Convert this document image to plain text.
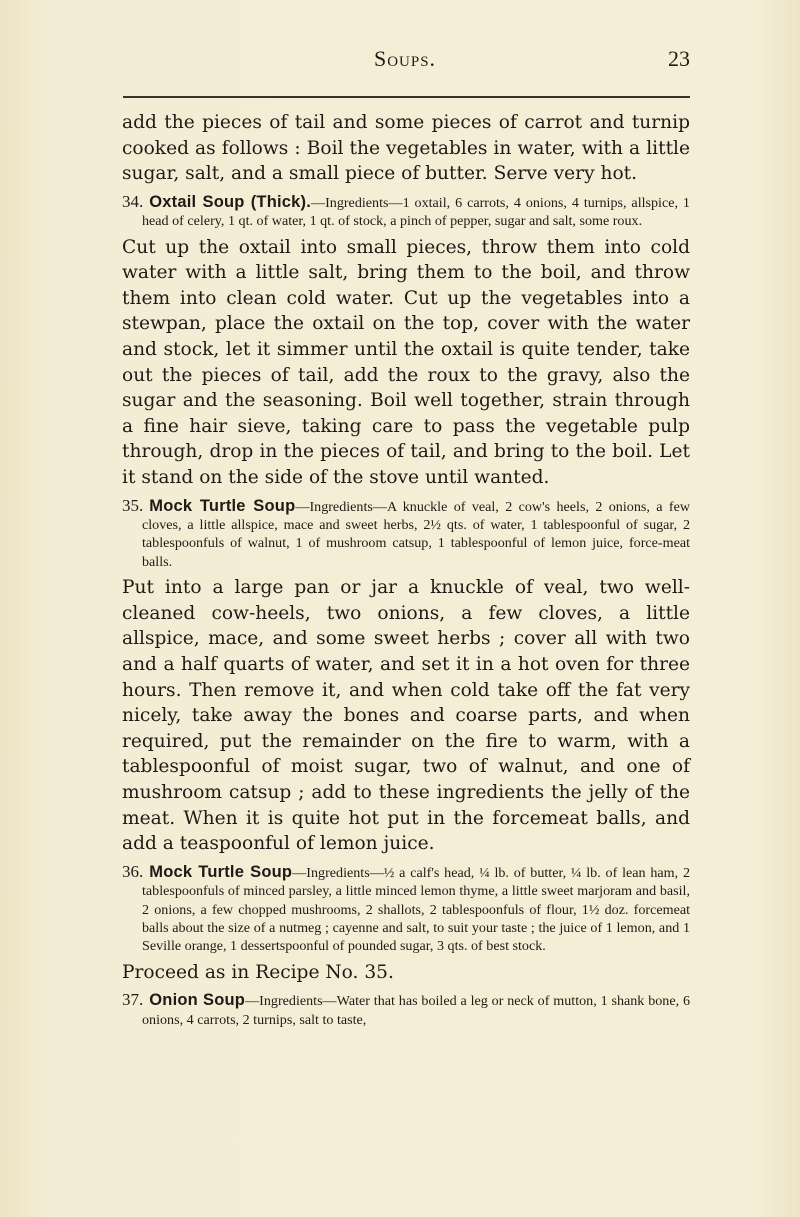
Soups.	23

add the pieces of tail and some pieces of carrot and turnip cooked as follows : Boil the vegetables in water, with a little sugar, salt, and a small piece of butter. Serve very hot.

34. Oxtail Soup (Thick).—Ingredients—1 oxtail, 6 carrots, 4 onions, 4 turnips, allspice, 1 head of celery, 1 qt. of water, 1 qt. of stock, a pinch of pepper, sugar and salt, some roux.

Cut up the oxtail into small pieces, throw them into cold water with a little salt, bring them to the boil, and throw them into clean cold water. Cut up the vegetables into a stewpan, place the oxtail on the top, cover with the water and stock, let it simmer until the oxtail is quite tender, take out the pieces of tail, add the roux to the gravy, also the sugar and the seasoning. Boil well together, strain through a fine hair sieve, taking care to pass the vegetable pulp through, drop in the pieces of tail, and bring to the boil. Let it stand on the side of the stove until wanted.

35. Mock Turtle Soup—Ingredients—A knuckle of veal, 2 cow's heels, 2 onions, a few cloves, a little allspice, mace and sweet herbs, 2½ qts. of water, 1 tablespoonful of sugar, 2 tablespoonfuls of walnut, 1 of mushroom catsup, 1 tablespoonful of lemon juice, force-meat balls.

Put into a large pan or jar a knuckle of veal, two well-cleaned cow-heels, two onions, a few cloves, a little allspice, mace, and some sweet herbs ; cover all with two and a half quarts of water, and set it in a hot oven for three hours. Then remove it, and when cold take off the fat very nicely, take away the bones and coarse parts, and when required, put the remainder on the fire to warm, with a tablespoonful of moist sugar, two of walnut, and one of mushroom catsup ; add to these ingredients the jelly of the meat. When it is quite hot put in the forcemeat balls, and add a teaspoonful of lemon juice.

36. Mock Turtle Soup—Ingredients—½ a calf's head, ¼ lb. of butter, ¼ lb. of lean ham, 2 tablespoonfuls of minced parsley, a little minced lemon thyme, a little sweet marjoram and basil, 2 onions, a few chopped mushrooms, 2 shallots, 2 tablespoonfuls of flour, 1½ doz. forcemeat balls about the size of a nutmeg ; cayenne and salt, to suit your taste ; the juice of 1 lemon, and 1 Seville orange, 1 dessertspoonful of pounded sugar, 3 qts. of best stock.

Proceed as in Recipe No. 35.

37. Onion Soup—Ingredients—Water that has boiled a leg or neck of mutton, 1 shank bone, 6 onions, 4 carrots, 2 turnips, salt to taste,
